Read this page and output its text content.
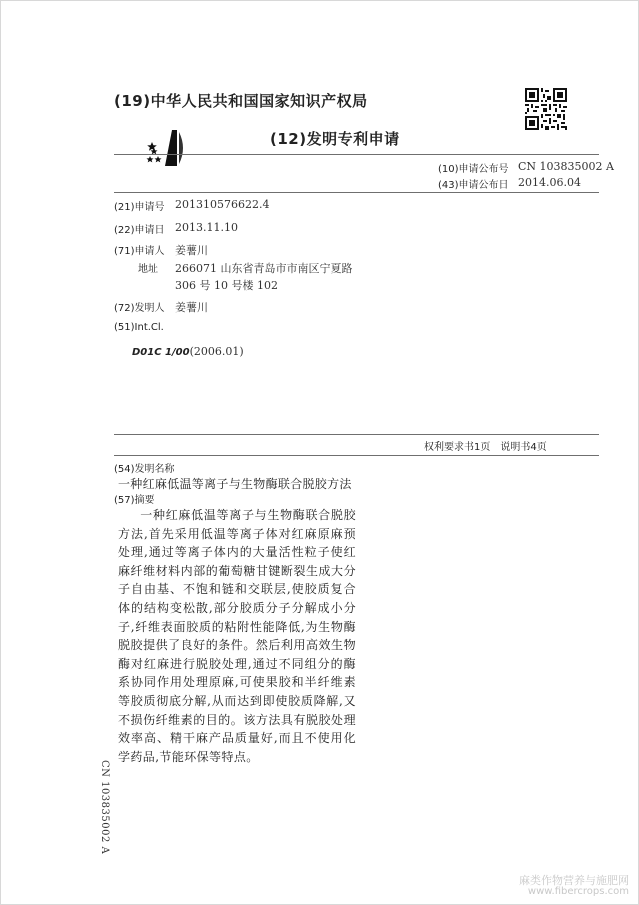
(19)中华人民共和国国家知识产权局
(12)发明专利申请
(10)申请公布号 CN 103835002 A
(43)申请公布日 2014.06.04
(21)申请号 201310576622.4
(22)申请日 2013.11.10
(71)申请人 姜薯川
地址 266071 山东省青岛市市南区宁夏路
306 号 10 号楼 102
(72)发明人 姜薯川
(51)Int.Cl.
D01C 1/00(2006.01)
权利要求书1页　说明书4页
(54)发明名称
一种红麻低温等离子与生物酶联合脱胶方法
(57)摘要
一种红麻低温等离子与生物酶联合脱胶方法,首先采用低温等离子体对红麻原麻预处理,通过等离子体内的大量活性粒子使红麻纤维材料内部的葡萄糖甘键断裂生成大分子自由基、不饱和链和交联层,使胶质复合体的结构变松散,部分胶质分子分解成小分子,纤维表面胶质的粘附性能降低,为生物酶脱胶提供了良好的条件。然后利用高效生物酶对红麻进行脱胶处理,通过不同组分的酶系协同作用处理原麻,可使果胶和半纤维素等胶质彻底分解,从而达到即使胶质降解,又不损伤纤维素的目的。该方法具有脱胶处理效率高、精干麻产品质量好,而且不使用化学药品,节能环保等特点。
CN 103835002 A
麻类作物营养与施肥网
www.fibercrops.com
